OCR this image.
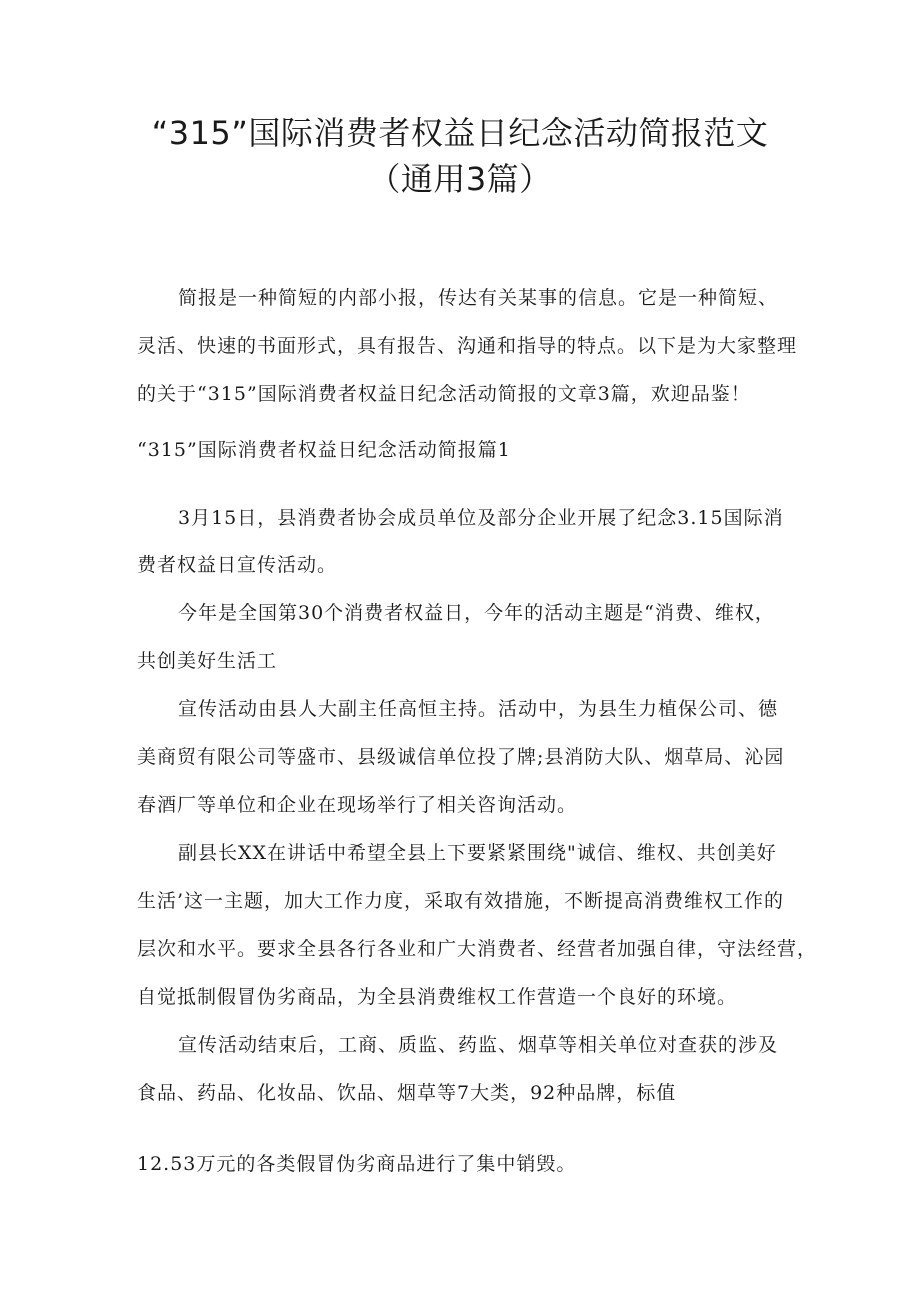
“315”国际消费者权益日纪念活动简报范文
（通用3篇）
简报是一种简短的内部小报，传达有关某事的信息。它是一种简短、
灵活、快速的书面形式，具有报告、沟通和指导的特点。以下是为大家整理
的关于“315”国际消费者权益日纪念活动简报的文章3篇，欢迎品鉴！
“315”国际消费者权益日纪念活动简报篇1
3月15日，县消费者协会成员单位及部分企业开展了纪念3.15国际消
费者权益日宣传活动。
今年是全国第30个消费者权益日，今年的活动主题是“消费、维权，
共创美好生活工
宣传活动由县人大副主任高恒主持。活动中，为县生力植保公司、德
美商贸有限公司等盛市、县级诚信单位投了牌;县消防大队、烟草局、沁园
春酒厂等单位和企业在现场举行了相关咨询活动。
副县长XX在讲话中希望全县上下要紧紧围绕"诚信、维权、共创美好
生活’这一主题，加大工作力度，采取有效措施，不断提高消费维权工作的
层次和水平。要求全县各行各业和广大消费者、经营者加强自律，守法经营，
自觉抵制假冒伪劣商品，为全县消费维权工作营造一个良好的环境。
宣传活动结束后，工商、质监、药监、烟草等相关单位对查获的涉及
食品、药品、化妆品、饮品、烟草等7大类，92种品牌，标值
12.53万元的各类假冒伪劣商品进行了集中销毁。
